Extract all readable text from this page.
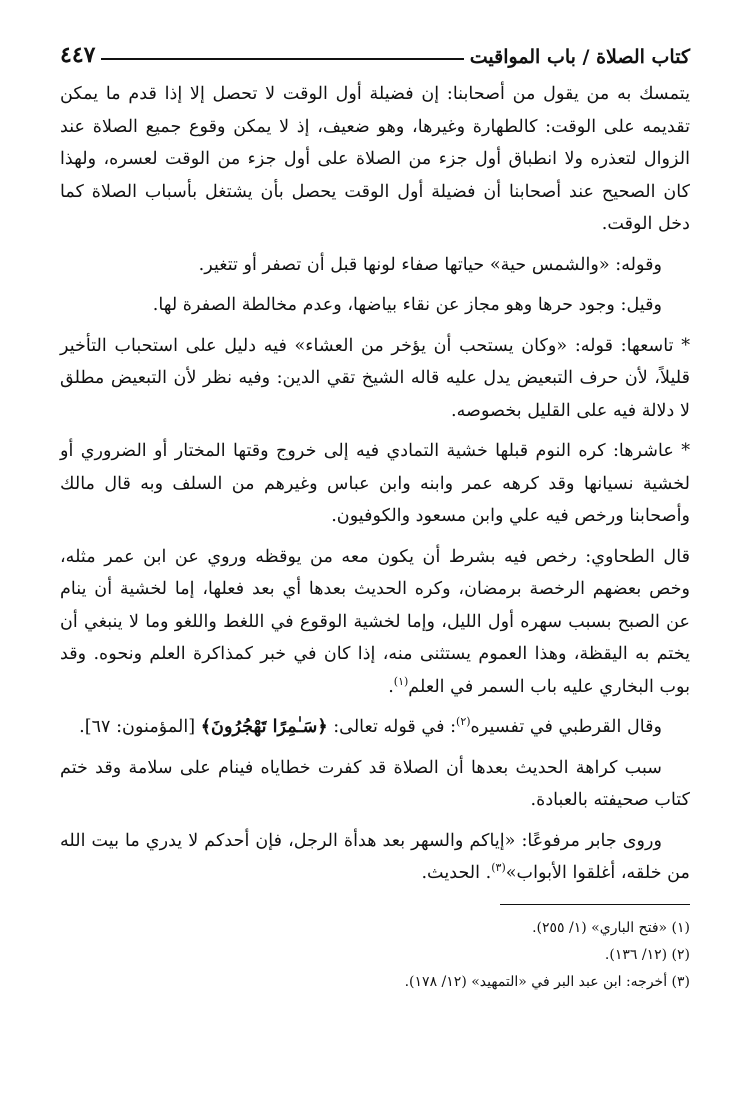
كتاب الصلاة / باب المواقيت
٤٤٧

يتمسك به من يقول من أصحابنا: إن فضيلة أول الوقت لا تحصل إلا إذا قدم ما يمكن تقديمه على الوقت: كالطهارة وغيرها، وهو ضعيف، إذ لا يمكن وقوع جميع الصلاة عند الزوال لتعذره ولا انطباق أول جزء من الصلاة على أول جزء من الوقت لعسره، ولهذا كان الصحيح عند أصحابنا أن فضيلة أول الوقت يحصل بأن يشتغل بأسباب الصلاة كما دخل الوقت.

وقوله: «والشمس حية» حياتها صفاء لونها قبل أن تصفر أو تتغير.

وقيل: وجود حرها وهو مجاز عن نقاء بياضها، وعدم مخالطة الصفرة لها.

* تاسعها: قوله: «وكان يستحب أن يؤخر من العشاء» فيه دليل على استحباب التأخير قليلاً، لأن حرف التبعيض يدل عليه قاله الشيخ تقي الدين: وفيه نظر لأن التبعيض مطلق لا دلالة فيه على القليل بخصوصه.

* عاشرها: كره النوم قبلها خشية التمادي فيه إلى خروج وقتها المختار أو الضروري أو لخشية نسيانها وقد كرهه عمر وابنه وابن عباس وغيرهم من السلف وبه قال مالك وأصحابنا ورخص فيه علي وابن مسعود والكوفيون.

قال الطحاوي: رخص فيه بشرط أن يكون معه من يوقظه وروي عن ابن عمر مثله، وخص بعضهم الرخصة برمضان، وكره الحديث بعدها أي بعد فعلها، إما لخشية أن ينام عن الصبح بسبب سهره أول الليل، وإما لخشية الوقوع في اللغط واللغو وما لا ينبغي أن يختم به اليقظة، وهذا العموم يستثنى منه، إذا كان في خبر كمذاكرة العلم ونحوه. وقد بوب البخاري عليه باب السمر في العلم$^{(١)}$.

وقال القرطبي في تفسيره$^{(٢)}$: في قوله تعالى: ﴿سَـٰمِرًا تَهْجُرُونَ﴾ [المؤمنون: ٦٧].

سبب كراهة الحديث بعدها أن الصلاة قد كفرت خطاياه فينام على سلامة وقد ختم كتاب صحيفته بالعبادة.

وروى جابر مرفوعًا: «إياكم والسهر بعد هدأة الرجل، فإن أحدكم لا يدري ما بيت الله من خلقه، أغلقوا الأبواب»$^{(٣)}$. الحديث.

(١) «فتح الباري» (١/ ٢٥٥).
(٢) (١٢/ ١٣٦).
(٣) أخرجه: ابن عبد البر في «التمهيد» (١٢/ ١٧٨).
